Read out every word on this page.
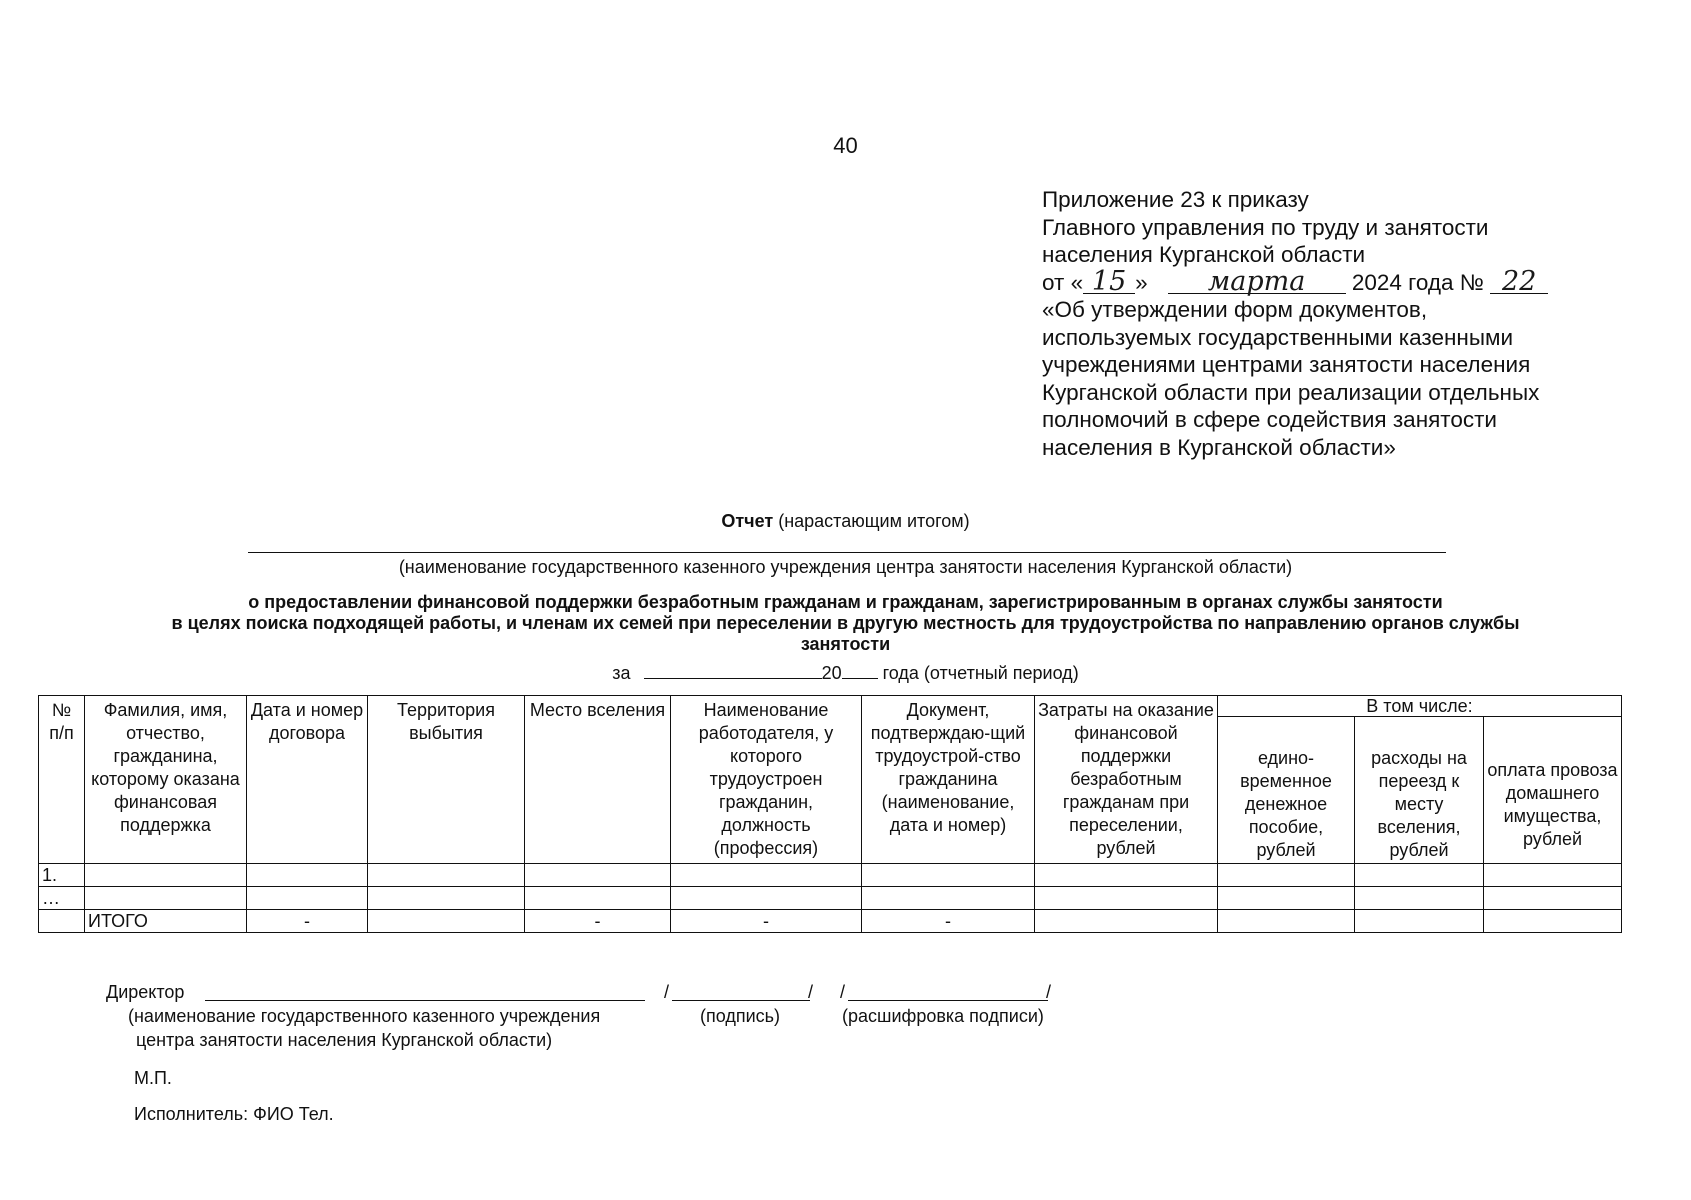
40
Приложение 23 к приказу
Главного управления по труду и занятости
населения Курганской области
от « 15 » марта 2024 года № 22
«Об утверждении форм документов,
используемых государственными казенными
учреждениями центрами занятости населения
Курганской области при реализации отдельных
полномочий в сфере содействия занятости
населения в Курганской области»
Отчет (нарастающим итогом)
(наименование государственного казенного учреждения центра занятости населения Курганской области)
о предоставлении финансовой поддержки безработным гражданам и гражданам, зарегистрированным в органах службы занятости
в целях поиска подходящей работы, и членам их семей при переселении в другую местность для трудоустройства по направлению органов службы
занятости
за	20 года (отчетный период)
№ п/п	Фамилия, имя, отчество, гражданина, которому оказана финансовая поддержка	Дата и номер договора	Территория выбытия	Место вселения	Наименование работодателя, у которого трудоустроен гражданин, должность (профессия)	Документ, подтверждаю-щий трудоустрой-ство гражданина (наименование, дата и номер)	Затраты на оказание финансовой поддержки безработным гражданам при переселении, рублей	В том числе:		
								едино-временное денежное пособие, рублей	расходы на переезд к месту вселения, рублей	оплата провоза домашнего имущества, рублей
1.										
…										
	ИТОГО	-		-	-	-				
Директор	/	/ /	/
(наименование государственного казенного учреждения
центра занятости населения Курганской области)
(подпись)	(расшифровка подписи)
М.П.
Исполнитель: ФИО Тел.
